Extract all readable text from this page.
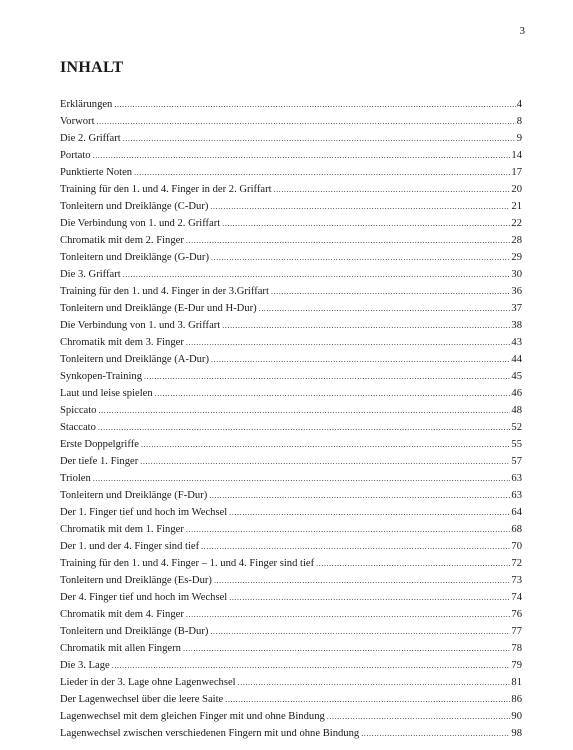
3
INHALT
Erklärungen .....	4
Vorwort .....	8
Die 2. Griffart .....	9
Portato .....	14
Punktierte Noten .....	17
Training für den 1. und 4. Finger in der 2. Griffart .....	20
Tonleitern und Dreiklänge (C-Dur) .....	21
Die Verbindung von 1. und 2. Griffart .....	22
Chromatik mit dem 2. Finger .....	28
Tonleitern und Dreiklänge (G-Dur) .....	29
Die 3. Griffart .....	30
Training für den 1. und 4. Finger in der 3.Griffart .....	36
Tonleitern und Dreiklänge (E-Dur und H-Dur) .....	37
Die Verbindung von 1. und 3. Griffart .....	38
Chromatik mit dem 3. Finger .....	43
Tonleitern und Dreiklänge (A-Dur) .....	44
Synkopen-Training .....	45
Laut und leise spielen .....	46
Spiccato .....	48
Staccato .....	52
Erste Doppelgriffe .....	55
Der tiefe 1. Finger .....	57
Triolen .....	63
Tonleitern und Dreiklänge (F-Dur) .....	63
Der 1. Finger tief und hoch im Wechsel .....	64
Chromatik mit dem 1. Finger .....	68
Der 1. und der 4. Finger sind tief .....	70
Training für den 1. und 4. Finger – 1. und 4. Finger sind tief .....	72
Tonleitern und Dreiklänge (Es-Dur) .....	73
Der 4. Finger tief und hoch im Wechsel .....	74
Chromatik mit dem 4. Finger .....	76
Tonleitern und Dreiklänge (B-Dur) .....	77
Chromatik mit allen Fingern .....	78
Die 3. Lage .....	79
Lieder in der 3. Lage ohne Lagenwechsel .....	81
Der Lagenwechsel über die leere Saite .....	86
Lagenwechsel mit dem gleichen Finger mit und ohne Bindung .....	90
Lagenwechsel zwischen verschiedenen Fingern mit und ohne Bindung .....	98
